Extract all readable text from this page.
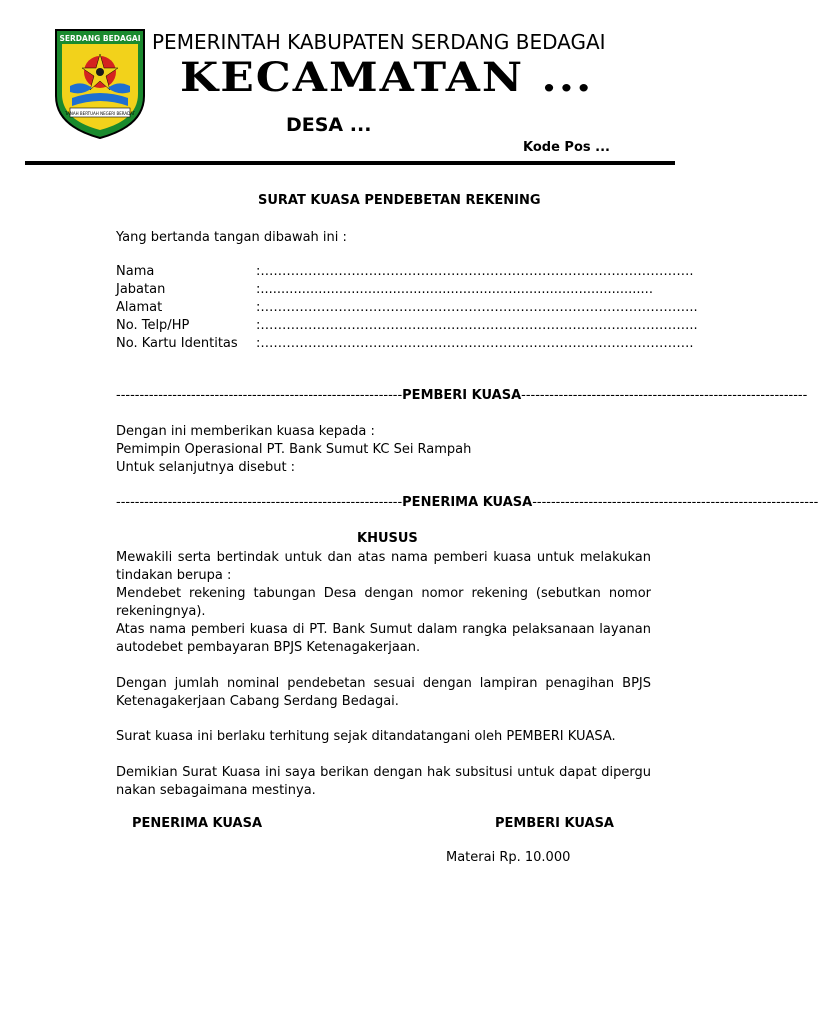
SERDANG BEDAGAI
TANAH BERTUAH NEGERI BERADAT
PEMERINTAH KABUPATEN SERDANG BEDAGAI
KECAMATAN ...
DESA ...
Kode Pos ...
SURAT KUASA PENDEBETAN REKENING
Yang bertanda tangan dibawah ini :
Nama	:……………………………………………………………………………………….
Jabatan	:...............................................................................................
Alamat	:………………………………………………………………………………………..
No. Telp/HP	:………………………………………………………………………………………..
No. Kartu Identitas :……………………………………………………………………………………….
------------------------------------------------------------- PEMBERI KUASA -------------------------------------------------------------
Dengan ini memberikan kuasa kepada :
Pemimpin Operasional PT. Bank Sumut KC Sei Rampah
Untuk selanjutnya disebut :
------------------------------------------------------------- PENERIMA KUASA -------------------------------------------------------------
KHUSUS
Mewakili serta bertindak untuk dan atas nama pemberi kuasa untuk melakukan tindakan berupa :
Mendebet rekening tabungan Desa dengan nomor rekening (sebutkan nomor rekeningnya).
Atas nama pemberi kuasa di PT. Bank Sumut dalam rangka pelaksanaan layanan autodebet pembayaran BPJS Ketenagakerjaan.
Dengan jumlah nominal pendebetan sesuai dengan lampiran penagihan BPJS Ketenagakerjaan Cabang Serdang Bedagai.
Surat kuasa ini berlaku terhitung sejak ditandatangani oleh PEMBERI KUASA.
Demikian Surat Kuasa ini saya berikan dengan hak subsitusi untuk dapat dipergunakan sebagaimana mestinya.
PENERIMA KUASA	PEMBERI KUASA
Materai Rp. 10.000
